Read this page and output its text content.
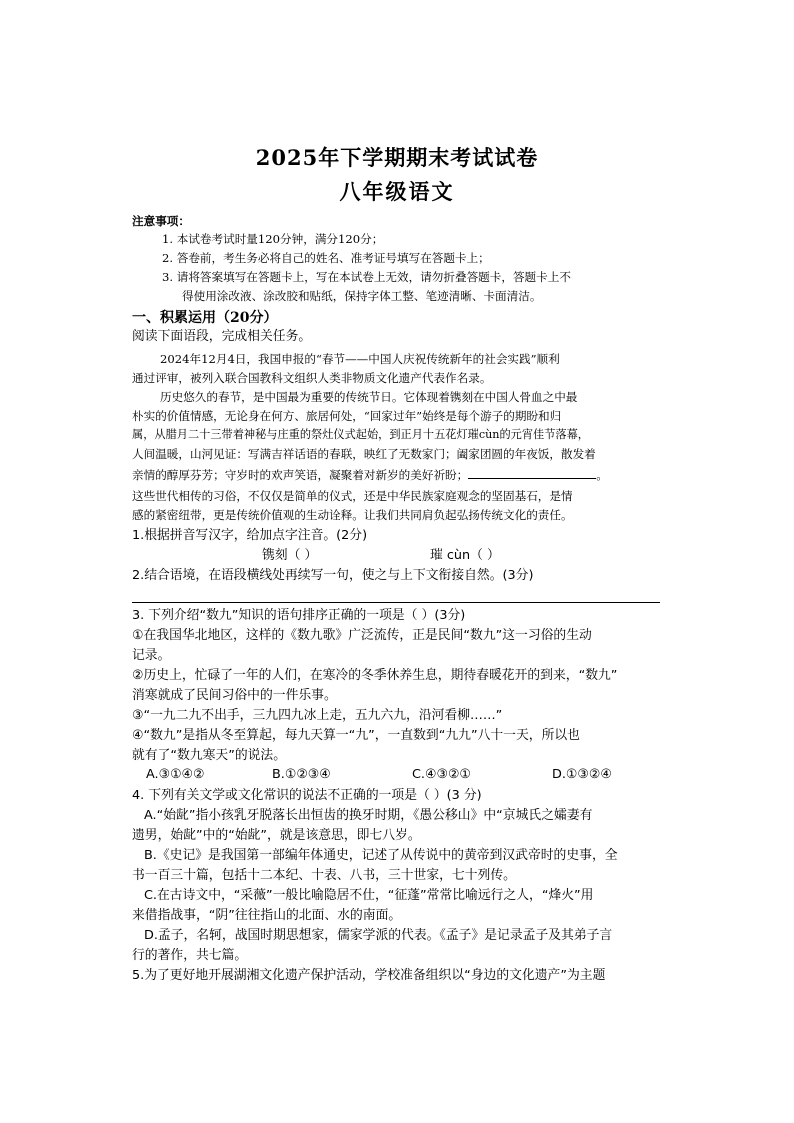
2025年下学期期末考试试卷
八年级语文
注意事项：
1. 本试卷考试时量120分钟，满分120分；
2. 答卷前，考生务必将自己的姓名、准考证号填写在答题卡上；
3. 请将答案填写在答题卡上，写在本试卷上无效，请勿折叠答题卡，答题卡上不
得使用涂改液、涂改胶和贴纸，保持字体工整、笔迹清晰、卡面清洁。
一、积累运用（20分）
阅读下面语段，完成相关任务。
2024年12月4日，我国申报的“春节——中国人庆祝传统新年的社会实践”顺利
通过评审，被列入联合国教科文组织人类非物质文化遗产代表作名录。
历史悠久的春节，是中国最为重要的传统节日。它体现着镌刻在中国人骨血之中最
朴实的价值情感，无论身在何方、旅居何处，“回家过年”始终是每个游子的期盼和归
属，从腊月二十三带着神秘与庄重的祭灶仪式起始，到正月十五花灯璀cùn的元宵佳节落幕，
人间温暖，山河见证：写满吉祥话语的春联，映红了无数家门；阖家团圆的年夜饭，散发着
亲情的醇厚芬芳；守岁时的欢声笑语，凝聚着对新岁的美好祈盼；	。
这些世代相传的习俗，不仅仅是简单的仪式，还是中华民族家庭观念的坚固基石，是情
感的紧密纽带，更是传统价值观的生动诠释。让我们共同肩负起弘扬传统文化的责任。
1.根据拼音写汉字，给加点字注音。(2分)
镌刻（ ）	璀 cùn（ ）
2.结合语境，在语段横线处再续写一句，使之与上下文衔接自然。(3分)
3. 下列介绍“数九”知识的语句排序正确的一项是（ ）(3分)
①在我国华北地区，这样的《数九歌》广泛流传，正是民间“数九”这一习俗的生动
记录。
②历史上，忙碌了一年的人们，在寒冷的冬季休养生息，期待春暖花开的到来，“数九”
消寒就成了民间习俗中的一件乐事。
③“一九二九不出手，三九四九冰上走，五九六九，沿河看柳……”
④“数九”是指从冬至算起，每九天算一“九”，一直数到“九九”八十一天，所以也
就有了“数九寒天”的说法。
A.③①④②	B.①②③④	C.④③②①	D.①③②④
4. 下列有关文学或文化常识的说法不正确的一项是（ ）(3 分)
A.“始龀”指小孩乳牙脱落长出恒齿的换牙时期，《愚公移山》中“京城氏之孀妻有
遗男，始龀”中的“始龀”，就是该意思，即七八岁。
B.《史记》是我国第一部编年体通史，记述了从传说中的黄帝到汉武帝时的史事，全
书一百三十篇，包括十二本纪、十表、八书，三十世家，七十列传。
C.在古诗文中，“采薇”一般比喻隐居不仕，“征蓬”常常比喻远行之人，“烽火”用
来借指战事，“阴”往往指山的北面、水的南面。
D.孟子，名轲，战国时期思想家，儒家学派的代表。《孟子》是记录孟子及其弟子言
行的著作，共七篇。
5.为了更好地开展湖湘文化遗产保护活动，学校准备组织以“身边的文化遗产”为主题
